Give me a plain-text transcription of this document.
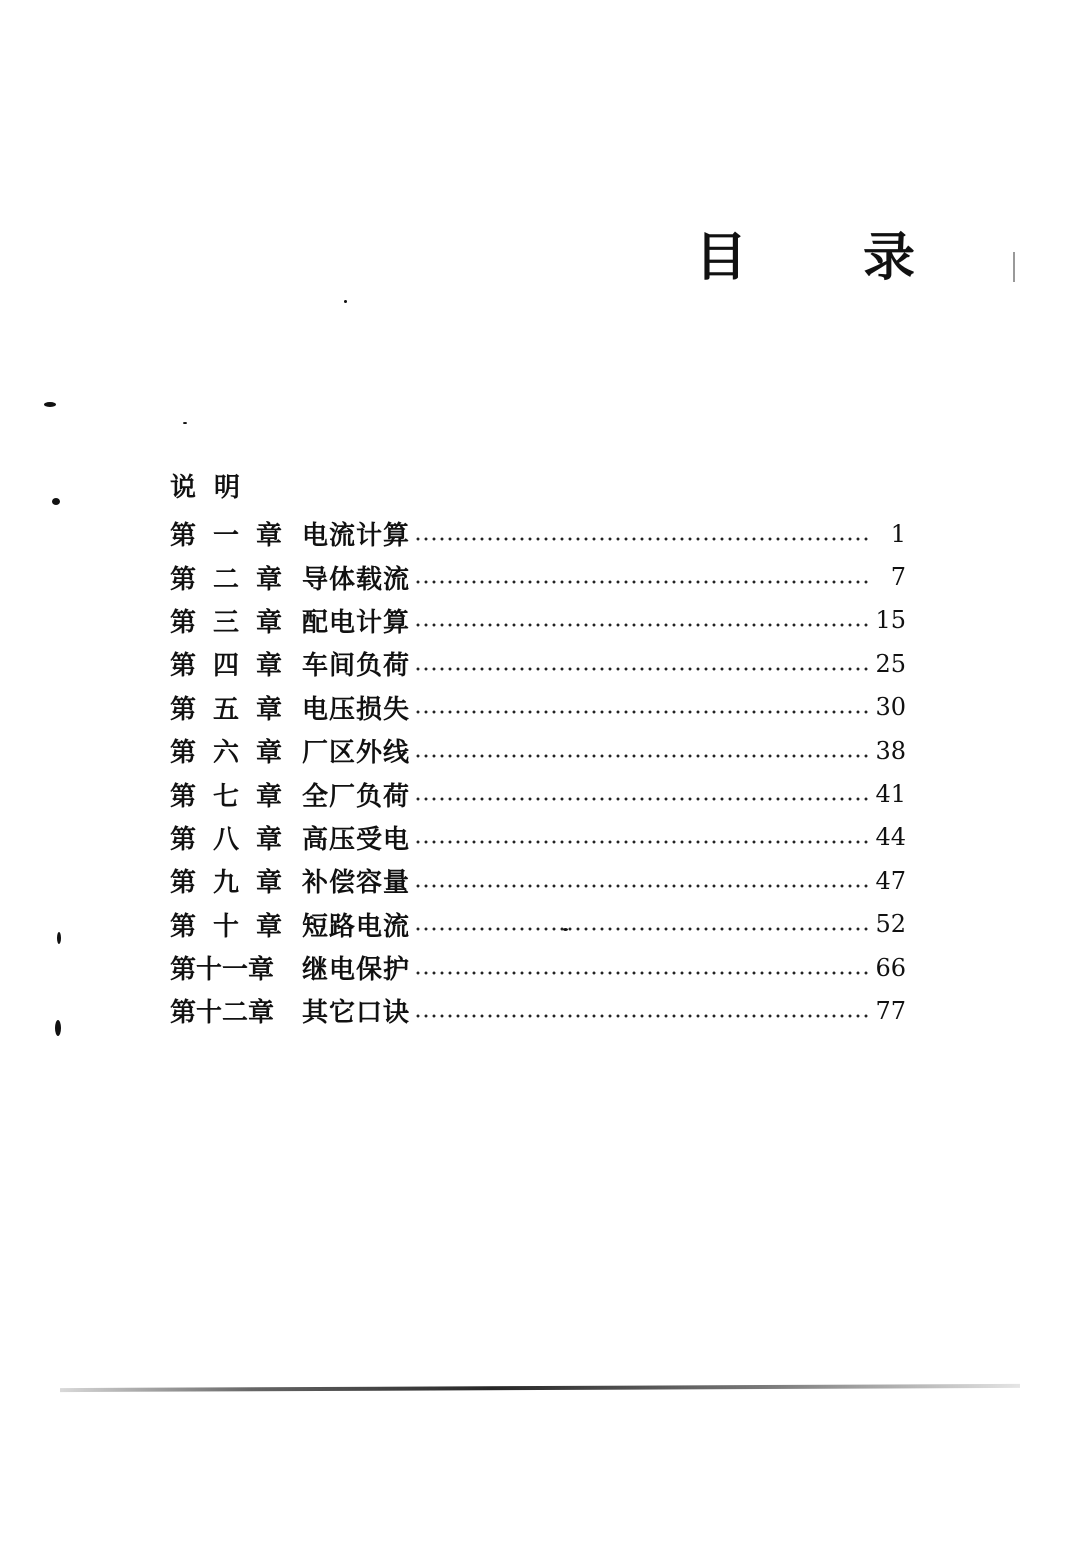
目 录
说明
第 一 章 电流计算	1
第 二 章 导体载流	7
第 三 章 配电计算	15
第 四 章 车间负荷	25
第 五 章 电压损失	30
第 六 章 厂区外线	38
第 七 章 全厂负荷	41
第 八 章 高压受电	44
第 九 章 补偿容量	47
第 十 章 短路电流	52
第十一章 继电保护	66
第十二章 其它口诀	77
